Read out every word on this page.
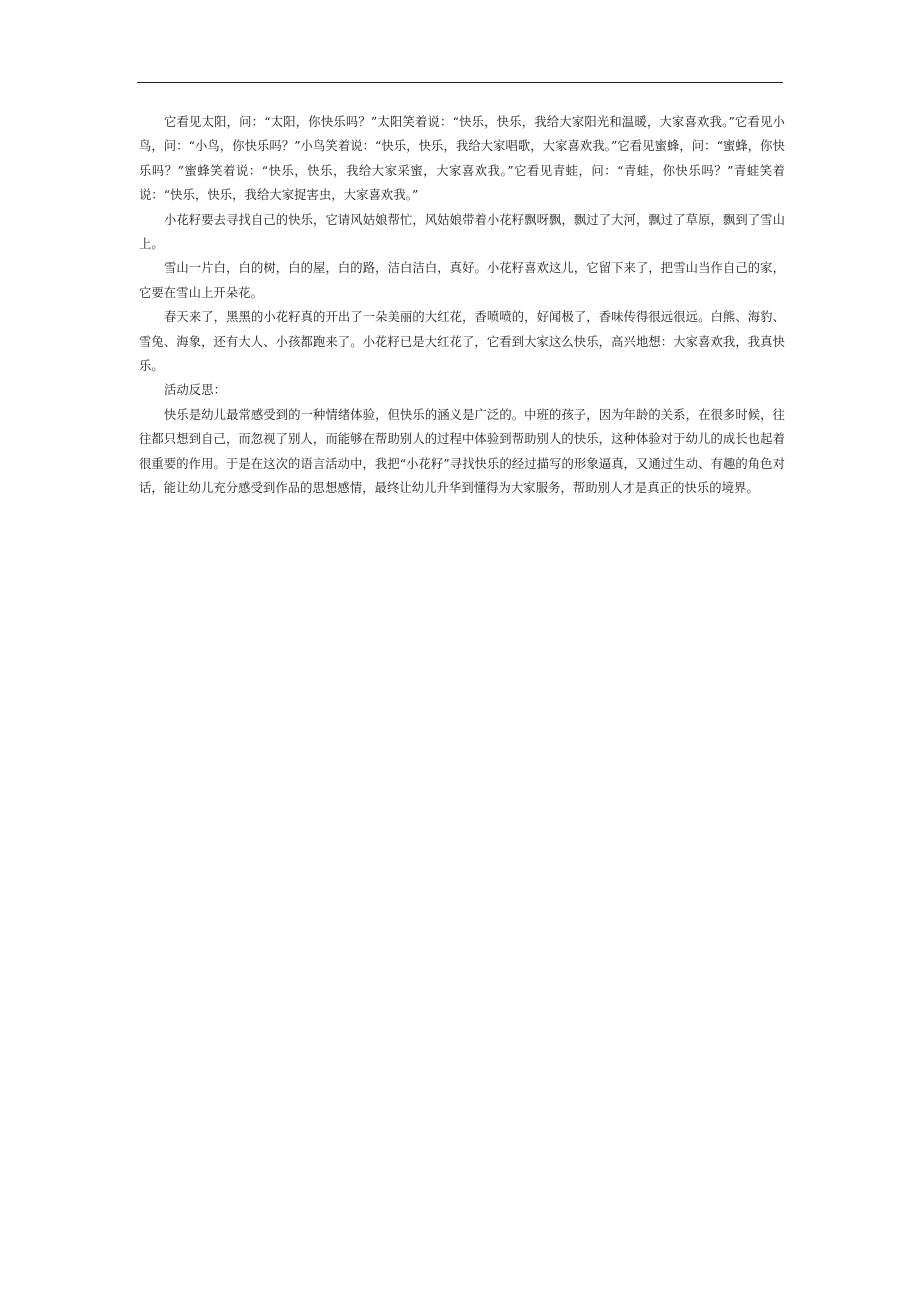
它看见太阳，问：“太阳，你快乐吗？”太阳笑着说：“快乐，快乐，我给大家阳光和温暖，大家喜欢我。”它看见小鸟，问：“小鸟，你快乐吗？”小鸟笑着说：“快乐，快乐，我给大家唱歌，大家喜欢我。”它看见蜜蜂，问：“蜜蜂，你快乐吗？”蜜蜂笑着说：“快乐，快乐，我给大家采蜜，大家喜欢我。”它看见青蛙，问：“青蛙，你快乐吗？”青蛙笑着说：“快乐，快乐，我给大家捉害虫，大家喜欢我。”

小花籽要去寻找自己的快乐，它请风姑娘帮忙，风姑娘带着小花籽飘呀飘，飘过了大河，飘过了草原，飘到了雪山上。

雪山一片白，白的树，白的屋，白的路，洁白洁白，真好。小花籽喜欢这儿，它留下来了，把雪山当作自己的家，它要在雪山上开朵花。

春天来了，黑黑的小花籽真的开出了一朵美丽的大红花，香喷喷的，好闻极了，香味传得很远很远。白熊、海豹、雪兔、海象，还有大人、小孩都跑来了。小花籽已是大红花了，它看到大家这么快乐，高兴地想：大家喜欢我，我真快乐。

活动反思：

快乐是幼儿最常感受到的一种情绪体验，但快乐的涵义是广泛的。中班的孩子，因为年龄的关系，在很多时候，往往都只想到自己，而忽视了别人，而能够在帮助别人的过程中体验到帮助别人的快乐，这种体验对于幼儿的成长也起着很重要的作用。于是在这次的语言活动中，我把“小花籽”寻找快乐的经过描写的形象逼真，又通过生动、有趣的角色对话，能让幼儿充分感受到作品的思想感情，最终让幼儿升华到懂得为大家服务，帮助别人才是真正的快乐的境界。
